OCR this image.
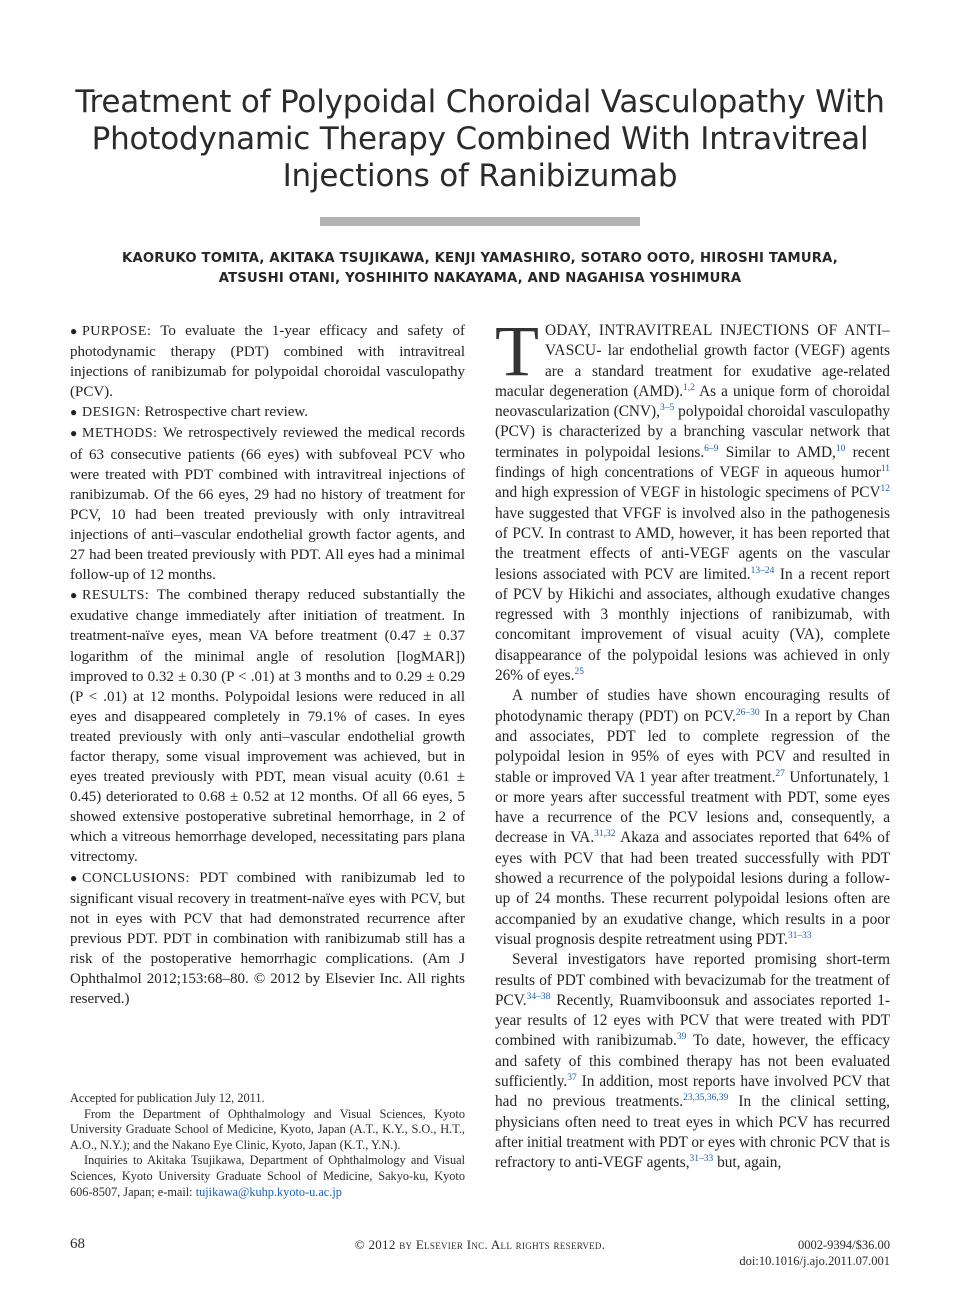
Treatment of Polypoidal Choroidal Vasculopathy With Photodynamic Therapy Combined With Intravitreal Injections of Ranibizumab
KAORUKO TOMITA, AKITAKA TSUJIKAWA, KENJI YAMASHIRO, SOTARO OOTO, HIROSHI TAMURA,
ATSUSHI OTANI, YOSHIHITO NAKAYAMA, AND NAGAHISA YOSHIMURA

● PURPOSE: To evaluate the 1-year efficacy and safety of photodynamic therapy (PDT) combined with intravitreal injections of ranibizumab for polypoidal choroidal vasculopathy (PCV).

● DESIGN: Retrospective chart review.

● METHODS: We retrospectively reviewed the medical records of 63 consecutive patients (66 eyes) with subfoveal PCV who were treated with PDT combined with intravitreal injections of ranibizumab. Of the 66 eyes, 29 had no history of treatment for PCV, 10 had been treated previously with only intravitreal injections of anti–vascular endothelial growth factor agents, and 27 had been treated previously with PDT. All eyes had a minimal follow-up of 12 months.

● RESULTS: The combined therapy reduced substantially the exudative change immediately after initiation of treatment. In treatment-naïve eyes, mean VA before treatment (0.47 ± 0.37 logarithm of the minimal angle of resolution [logMAR]) improved to 0.32 ± 0.30 (P < .01) at 3 months and to 0.29 ± 0.29 (P < .01) at 12 months. Polypoidal lesions were reduced in all eyes and disappeared completely in 79.1% of cases. In eyes treated previously with only anti–vascular endothelial growth factor therapy, some visual improvement was achieved, but in eyes treated previously with PDT, mean visual acuity (0.61 ± 0.45) deteriorated to 0.68 ± 0.52 at 12 months. Of all 66 eyes, 5 showed extensive postoperative subretinal hemorrhage, in 2 of which a vitreous hemorrhage developed, necessitating pars plana vitrectomy.

● CONCLUSIONS: PDT combined with ranibizumab led to significant visual recovery in treatment-naïve eyes with PCV, but not in eyes with PCV that had demonstrated recurrence after previous PDT. PDT in combination with ranibizumab still has a risk of the postoperative hemorrhagic complications. (Am J Ophthalmol 2012;153:68–80. © 2012 by Elsevier Inc. All rights reserved.)

Accepted for publication July 12, 2011.

From the Department of Ophthalmology and Visual Sciences, Kyoto University Graduate School of Medicine, Kyoto, Japan (A.T., K.Y., S.O., H.T., A.O., N.Y.); and the Nakano Eye Clinic, Kyoto, Japan (K.T., Y.N.).

Inquiries to Akitaka Tsujikawa, Department of Ophthalmology and Visual Sciences, Kyoto University Graduate School of Medicine, Sakyo-ku, Kyoto 606-8507, Japan; e-mail: tujikawa@kuhp.kyoto-u.ac.jp

TODAY, INTRAVITREAL INJECTIONS OF ANTI–VASCU- lar endothelial growth factor (VEGF) agents are a standard treatment for exudative age-related macular degeneration (AMD).$^{1,2}$ As a unique form of choroidal neovascularization (CNV),$^{3-5}$ polypoidal choroidal vasculopathy (PCV) is characterized by a branching vascular network that terminates in polypoidal lesions.$^{6-9}$ Similar to AMD,$^{10}$ recent findings of high concentrations of VEGF in aqueous humor$^{11}$ and high expression of VEGF in histologic specimens of PCV$^{12}$ have suggested that VFGF is involved also in the pathogenesis of PCV. In contrast to AMD, however, it has been reported that the treatment effects of anti-VEGF agents on the vascular lesions associated with PCV are limited.$^{13-24}$ In a recent report of PCV by Hikichi and associates, although exudative changes regressed with 3 monthly injections of ranibizumab, with concomitant improvement of visual acuity (VA), complete disappearance of the polypoidal lesions was achieved in only 26% of eyes.$^{25}$

A number of studies have shown encouraging results of photodynamic therapy (PDT) on PCV.$^{26-30}$ In a report by Chan and associates, PDT led to complete regression of the polypoidal lesion in 95% of eyes with PCV and resulted in stable or improved VA 1 year after treatment.$^{27}$ Unfortunately, 1 or more years after successful treatment with PDT, some eyes have a recurrence of the PCV lesions and, consequently, a decrease in VA.$^{31,32}$ Akaza and associates reported that 64% of eyes with PCV that had been treated successfully with PDT showed a recurrence of the polypoidal lesions during a follow-up of 24 months. These recurrent polypoidal lesions often are accompanied by an exudative change, which results in a poor visual prognosis despite retreatment using PDT.$^{31-33}$

Several investigators have reported promising short-term results of PDT combined with bevacizumab for the treatment of PCV.$^{34-38}$ Recently, Ruamviboonsuk and associates reported 1-year results of 12 eyes with PCV that were treated with PDT combined with ranibizumab.$^{39}$ To date, however, the efficacy and safety of this combined therapy has not been evaluated sufficiently.$^{37}$ In addition, most reports have involved PCV that had no previous treatments.$^{23,35,36,39}$ In the clinical setting, physicians often need to treat eyes in which PCV has recurred after initial treatment with PDT or eyes with chronic PCV that is refractory to anti-VEGF agents,$^{31-33}$ but, again,

68	© 2012 by Elsevier Inc. All rights reserved.	0002-9394/$36.00
doi:10.1016/j.ajo.2011.07.001
